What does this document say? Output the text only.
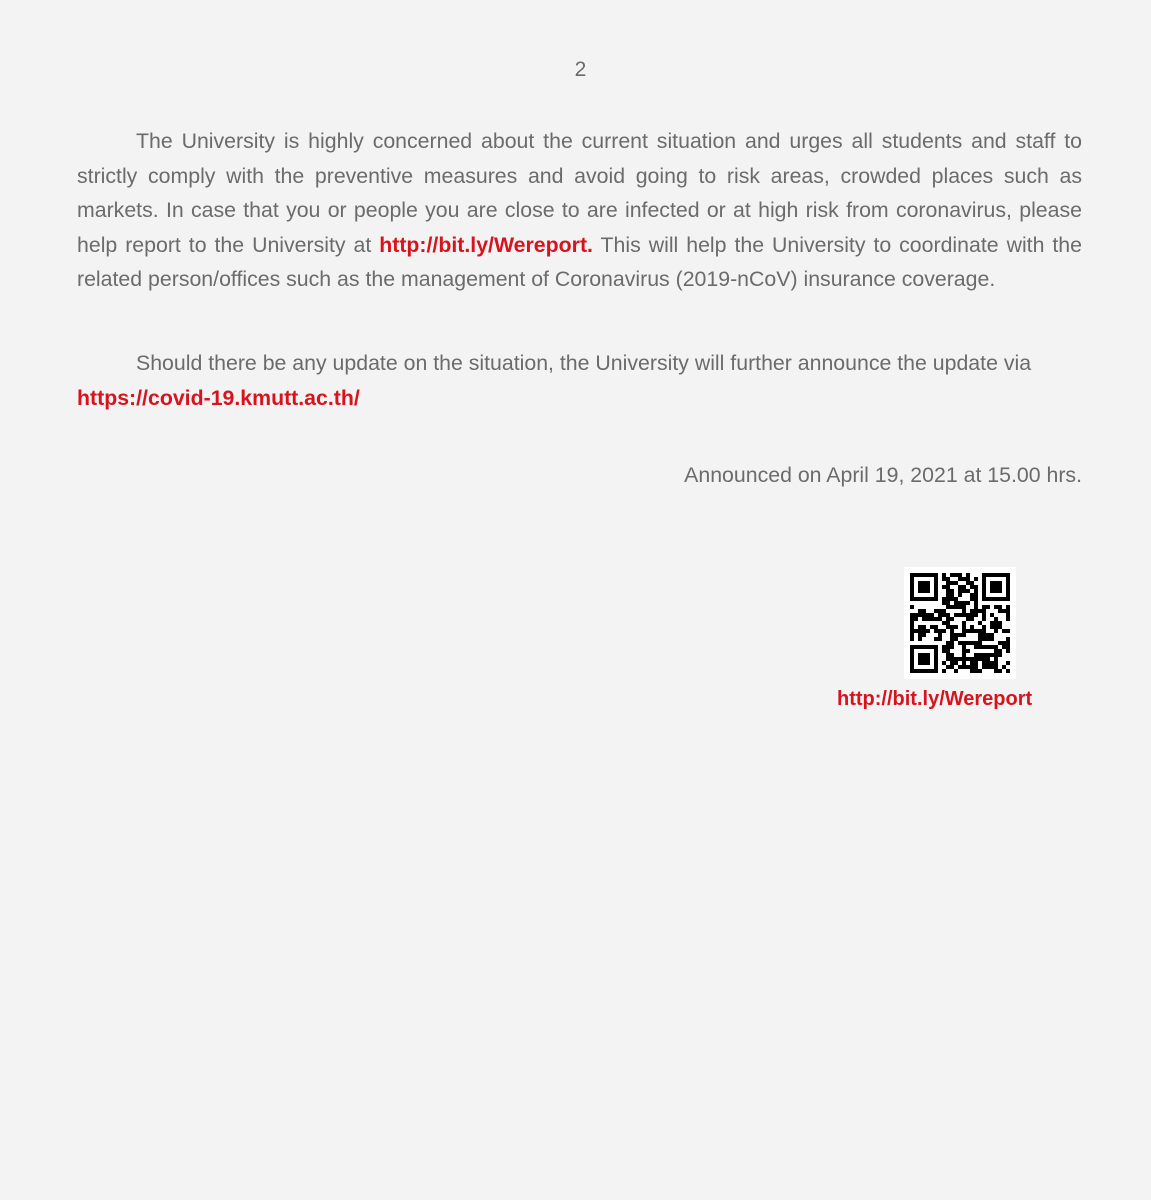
2

The University is highly concerned about the current situation and urges all students and staff to strictly comply with the preventive measures and avoid going to risk areas, crowded places such as markets. In case that you or people you are close to are infected or at high risk from coronavirus, please help report to the University at http://bit.ly/Wereport. This will help the University to coordinate with the related person/offices such as the management of Coronavirus (2019-nCoV) insurance coverage.

Should there be any update on the situation, the University will further announce the update via
https://covid-19.kmutt.ac.th/

Announced on April 19, 2021 at 15.00 hrs.
http://bit.ly/Wereport
